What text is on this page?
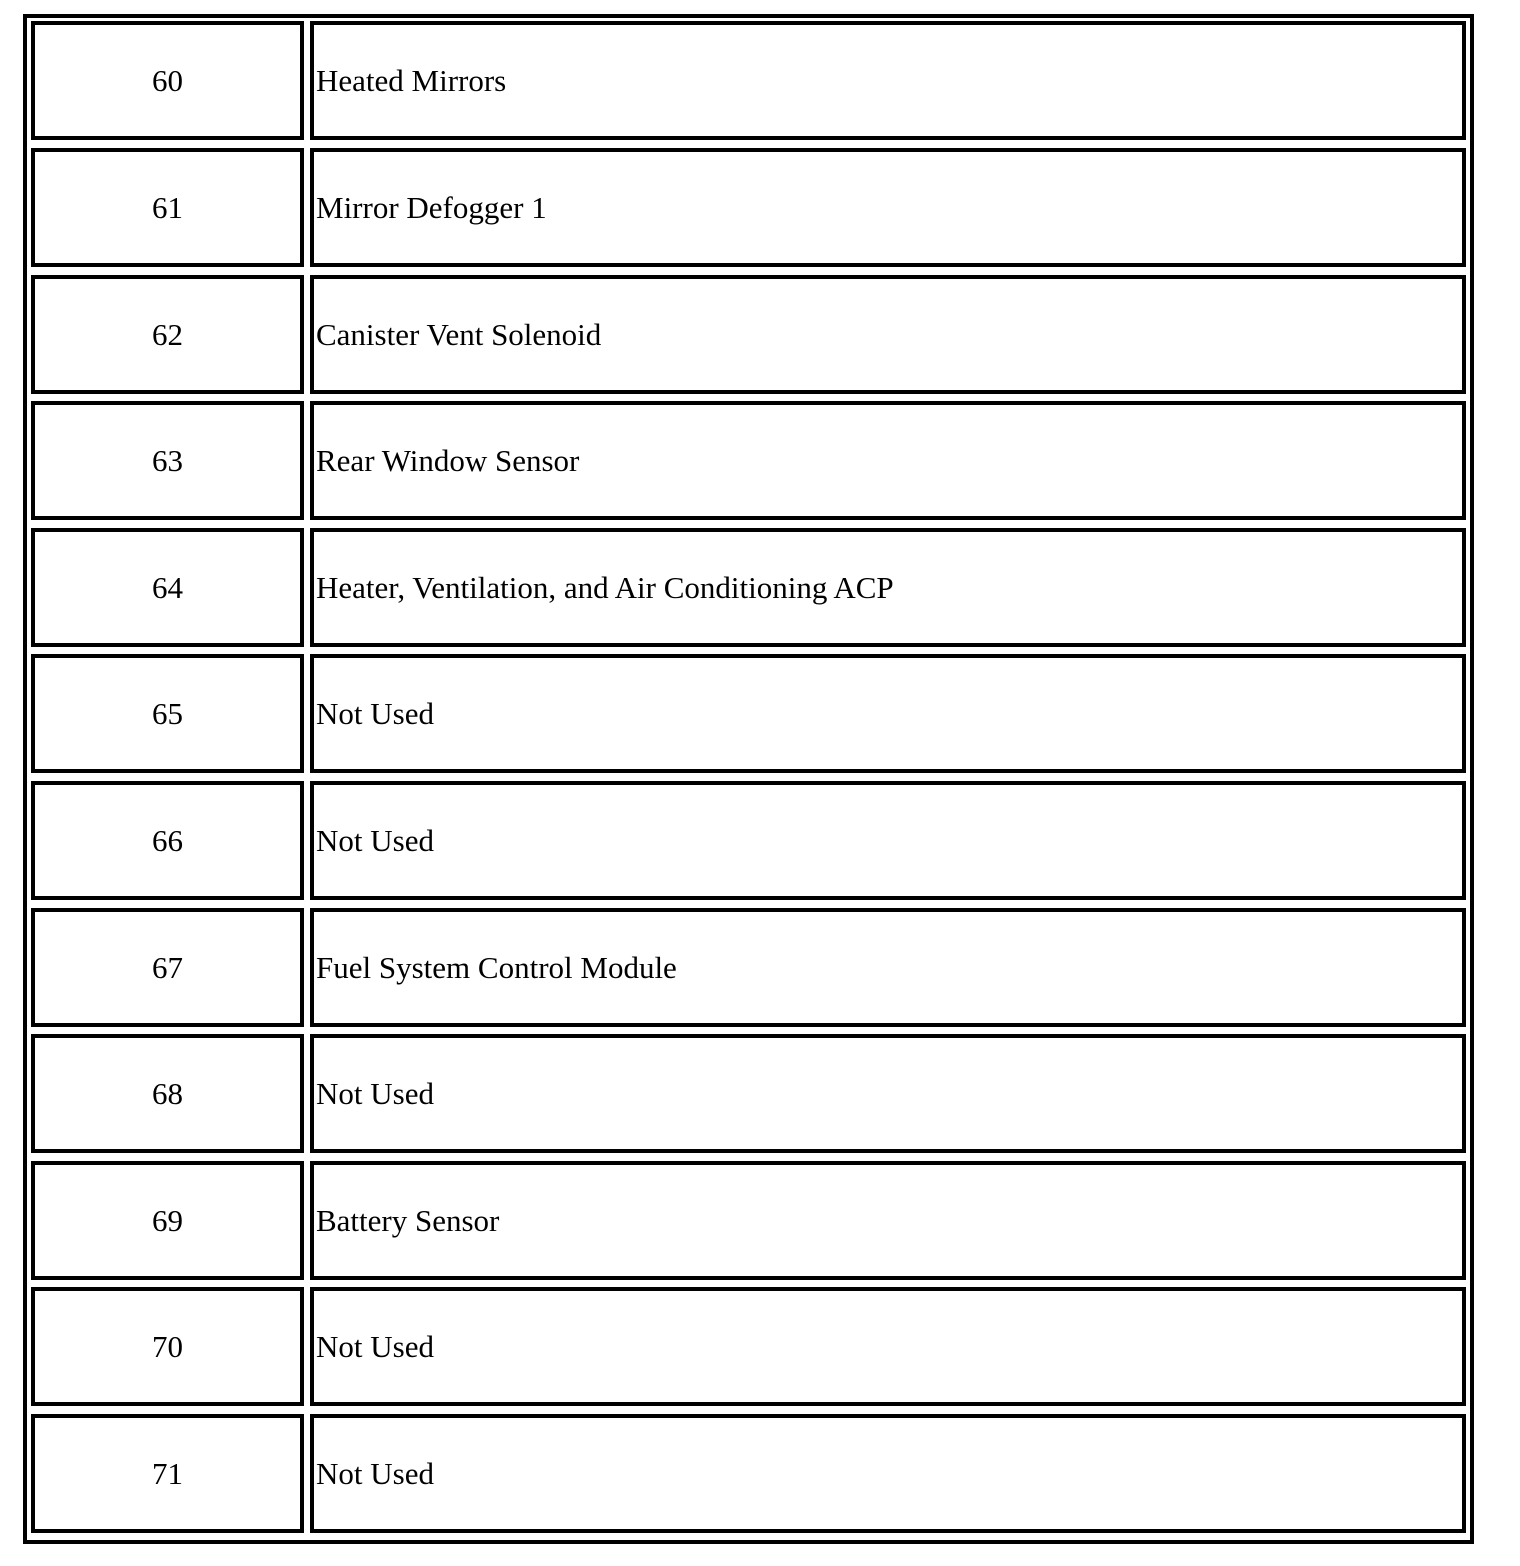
60	Heated Mirrors
61	Mirror Defogger 1
62	Canister Vent Solenoid
63	Rear Window Sensor
64	Heater, Ventilation, and Air Conditioning ACP
65	Not Used
66	Not Used
67	Fuel System Control Module
68	Not Used
69	Battery Sensor
70	Not Used
71	Not Used
